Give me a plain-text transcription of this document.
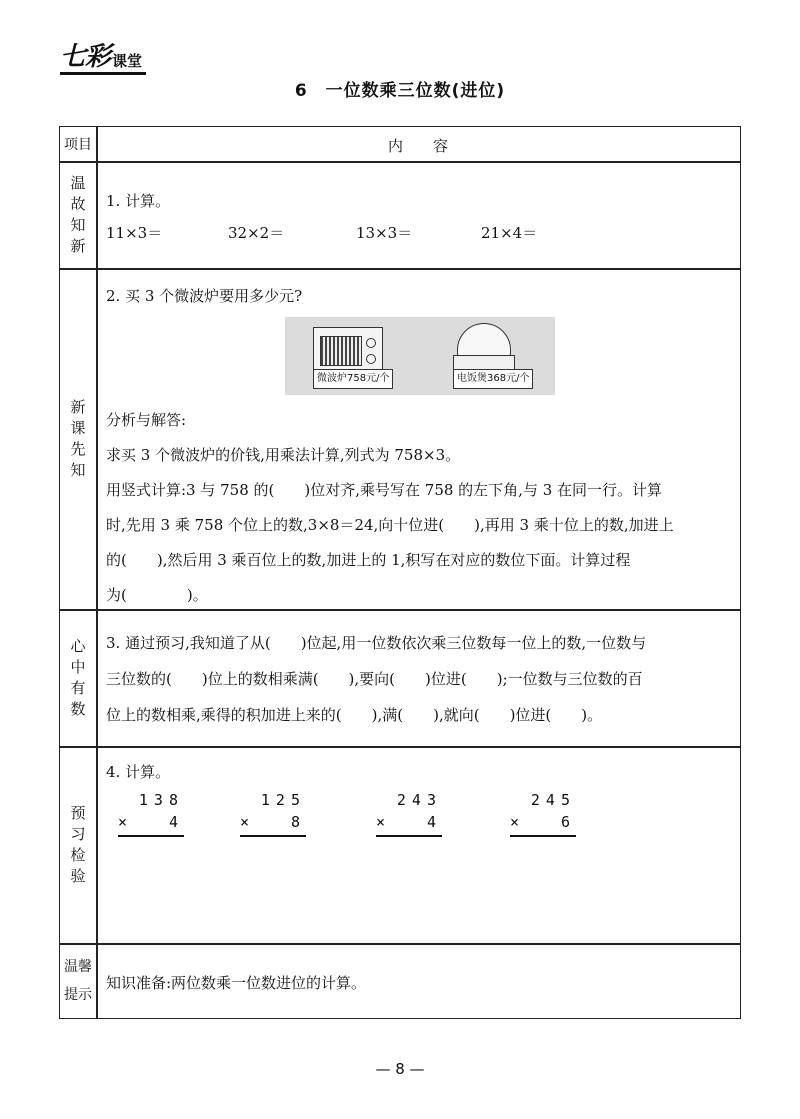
七彩 课堂
6　一位数乘三位数(进位)
项目	内　　容
温故知新
1. 计算。
11×3＝	32×2＝	13×3＝	21×4＝
新课先知
2. 买 3 个微波炉要用多少元?
分析与解答:
求买 3 个微波炉的价钱,用乘法计算,列式为 758×3。
用竖式计算:3 与 758 的(　　)位对齐,乘号写在 758 的左下角,与 3 在同一行。计算
时,先用 3 乘 758 个位上的数,3×8＝24,向十位进(　　),再用 3 乘十位上的数,加进上
的(　　),然后用 3 乘百位上的数,加进上的 1,积写在对应的数位下面。计算过程
为(　　　　)。
心中有数
3. 通过预习,我知道了从(　　)位起,用一位数依次乘三位数每一位上的数,一位数与
三位数的(　　)位上的数相乘满(　　),要向(　　)位进(　　);一位数与三位数的百
位上的数相乘,乘得的积加进上来的(　　),满(　　),就向(　　)位进(　　)。
预习检验
4. 计算。
138
×	4
125
×	8
243
×	4
245
×	6
温馨
提示
知识准备:两位数乘一位数进位的计算。
微波炉758元/个	电饭煲368元/个
— 8 —
